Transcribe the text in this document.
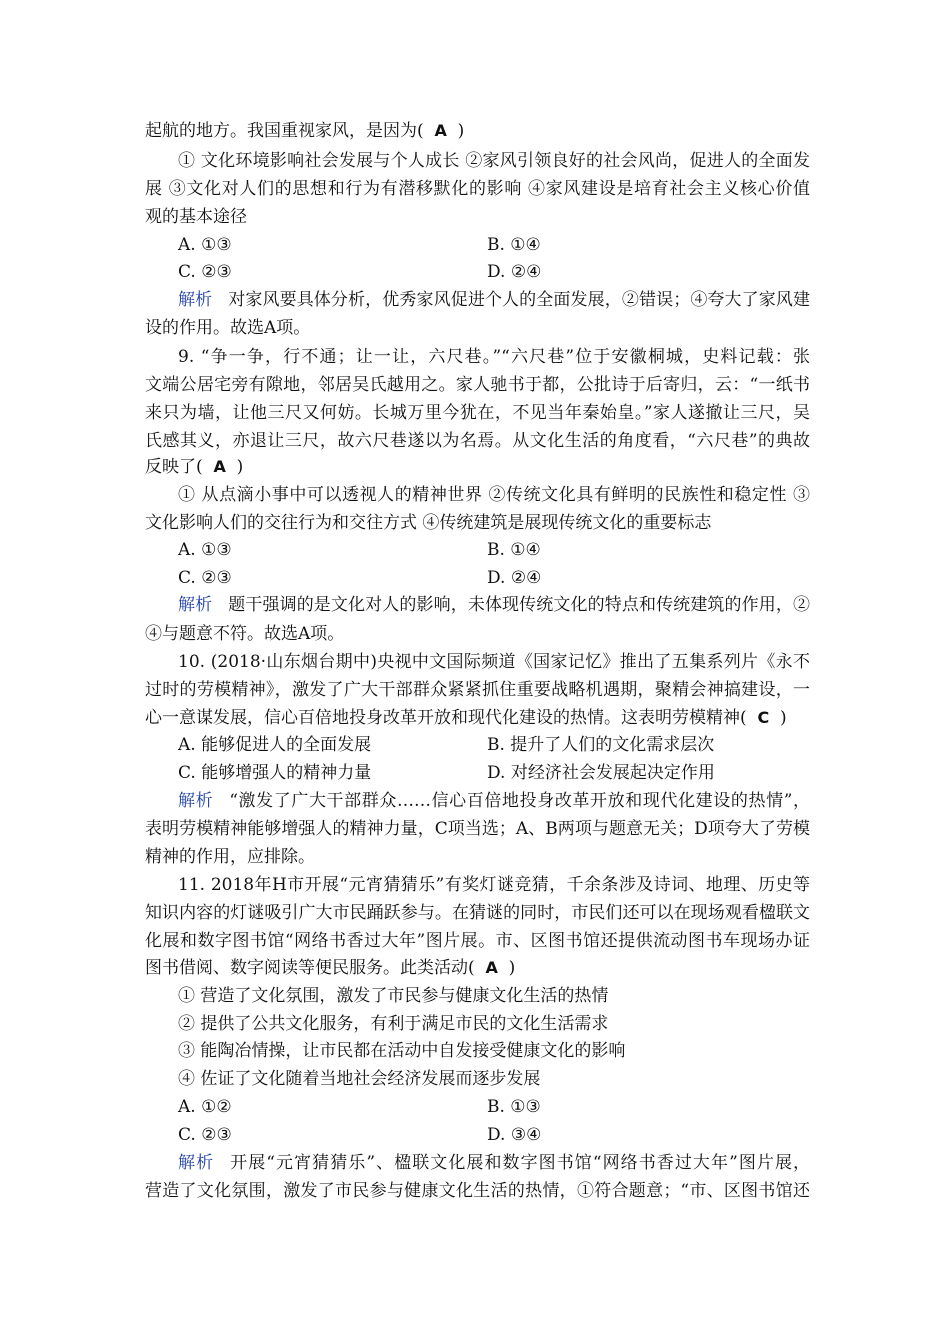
起航的地方。我国重视家风，是因为( A )
① 文化环境影响社会发展与个人成长 ②家风引领良好的社会风尚，促进人的全面发
展 ③文化对人们的思想和行为有潜移默化的影响 ④家风建设是培育社会主义核心价值
观的基本途径
A. ①③	B. ①④
C. ②③	D. ②④
解析 对家风要具体分析，优秀家风促进个人的全面发展，②错误；④夸大了家风建
设的作用。故选A项。
9. “争一争，行不通；让一让，六尺巷。”“六尺巷”位于安徽桐城，史料记载：张
文端公居宅旁有隙地，邻居吴氏越用之。家人驰书于都，公批诗于后寄归，云：“一纸书
来只为墙，让他三尺又何妨。长城万里今犹在，不见当年秦始皇。”家人遂撤让三尺，吴
氏感其义，亦退让三尺，故六尺巷遂以为名焉。从文化生活的角度看，“六尺巷”的典故
反映了( A )
① 从点滴小事中可以透视人的精神世界 ②传统文化具有鲜明的民族性和稳定性 ③
文化影响人们的交往行为和交往方式 ④传统建筑是展现传统文化的重要标志
A. ①③	B. ①④
C. ②③	D. ②④
解析 题干强调的是文化对人的影响，未体现传统文化的特点和传统建筑的作用，②
④与题意不符。故选A项。
10. (2018·山东烟台期中)央视中文国际频道《国家记忆》推出了五集系列片《永不
过时的劳模精神》，激发了广大干部群众紧紧抓住重要战略机遇期，聚精会神搞建设，一
心一意谋发展，信心百倍地投身改革开放和现代化建设的热情。这表明劳模精神( C )
A. 能够促进人的全面发展	B. 提升了人们的文化需求层次
C. 能够增强人的精神力量	D. 对经济社会发展起决定作用
解析 “激发了广大干部群众……信心百倍地投身改革开放和现代化建设的热情”，
表明劳模精神能够增强人的精神力量，C项当选；A、B两项与题意无关；D项夸大了劳模
精神的作用，应排除。
11. 2018年H市开展“元宵猜猜乐”有奖灯谜竞猜，千余条涉及诗词、地理、历史等
知识内容的灯谜吸引广大市民踊跃参与。在猜谜的同时，市民们还可以在现场观看楹联文
化展和数字图书馆“网络书香过大年”图片展。市、区图书馆还提供流动图书车现场办证
图书借阅、数字阅读等便民服务。此类活动( A )
① 营造了文化氛围，激发了市民参与健康文化生活的热情
② 提供了公共文化服务，有利于满足市民的文化生活需求
③ 能陶冶情操，让市民都在活动中自发接受健康文化的影响
④ 佐证了文化随着当地社会经济发展而逐步发展
A. ①②	B. ①③
C. ②③	D. ③④
解析 开展“元宵猜猜乐”、楹联文化展和数字图书馆“网络书香过大年”图片展，
营造了文化氛围，激发了市民参与健康文化生活的热情，①符合题意；“市、区图书馆还
